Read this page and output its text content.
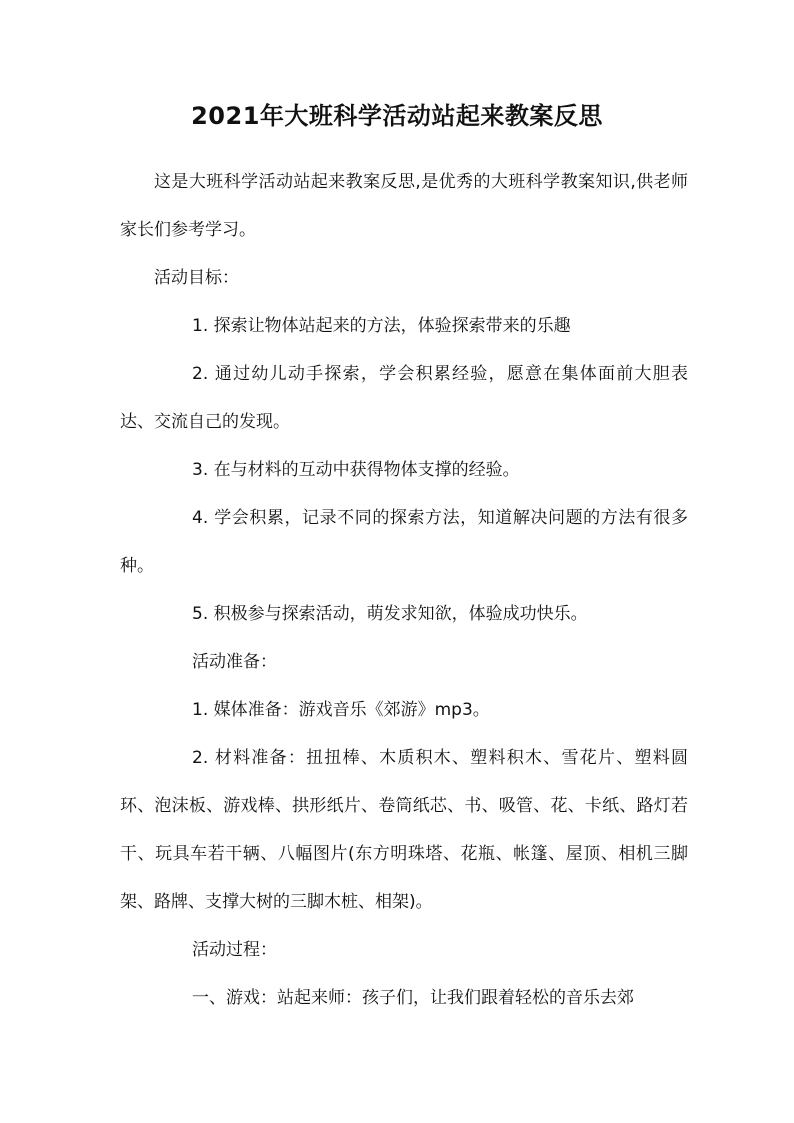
2021年大班科学活动站起来教案反思

这是大班科学活动站起来教案反思,是优秀的大班科学教案知识,供老师家长们参考学习。

活动目标：

1. 探索让物体站起来的方法，体验探索带来的乐趣

2. 通过幼儿动手探索，学会积累经验，愿意在集体面前大胆表达、交流自己的发现。

3. 在与材料的互动中获得物体支撑的经验。

4. 学会积累，记录不同的探索方法，知道解决问题的方法有很多种。

5. 积极参与探索活动，萌发求知欲，体验成功快乐。

活动准备：

1. 媒体准备：游戏音乐《郊游》mp3。

2. 材料准备：扭扭棒、木质积木、塑料积木、雪花片、塑料圆环、泡沫板、游戏棒、拱形纸片、卷筒纸芯、书、吸管、花、卡纸、路灯若干、玩具车若干辆、八幅图片(东方明珠塔、花瓶、帐篷、屋顶、相机三脚架、路牌、支撑大树的三脚木桩、相架)。

活动过程：

一、游戏：站起来师：孩子们，让我们跟着轻松的音乐去郊
